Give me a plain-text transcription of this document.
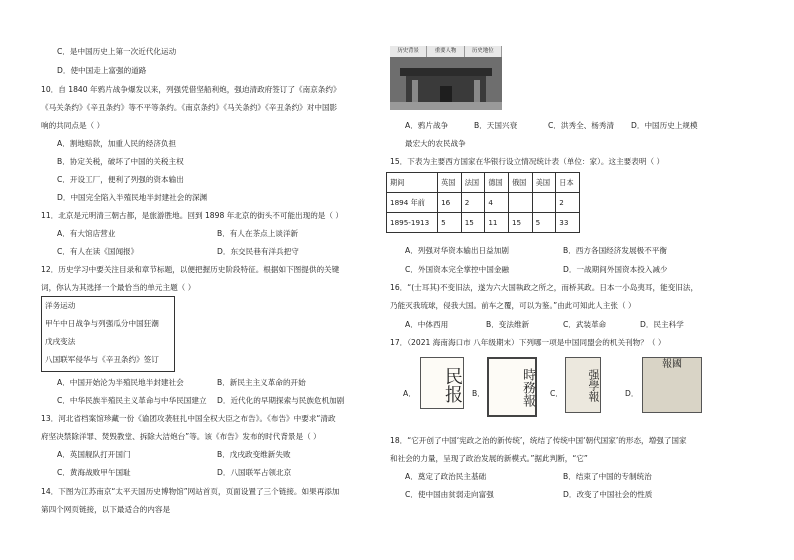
C．是中国历史上第一次近代化运动
D．使中国走上富强的道路
10．自 1840 年鸦片战争爆发以来，列强凭借坚船利炮，强迫清政府签订了《南京条约》
《马关条约》《辛丑条约》等不平等条约。《南京条约》《马关条约》《辛丑条约》对中国影
响的共同点是（ ）
A．割地赔款，加重人民的经济负担
B．协定关税，破坏了中国的关税主权
C．开设工厂，便利了列强的资本输出
D．中国完全陷入半殖民地半封建社会的深渊
11．北京是元明清三朝古都，是旅游胜地。回到 1898 年北京的街头不可能出现的是（ ）
A．有大馆店营业	B．有人在茶点上谈洋新
C．有人在读《国闻报》	D．东交民巷有洋兵把守
12．历史学习中要关注目录和章节标题，以便把握历史阶段特征。根据如下图提供的关键
词，你认为其选择一个最恰当的单元主题（ ）
洋务运动
甲午中日战争与列强瓜分中国狂潮
戊戌变法
八国联军侵华与《辛丑条约》签订
A．中国开始沦为半殖民地半封建社会	B．新民主主义革命的开始
C．中华民族半殖民主义革命与中华民国建立 D．近代化的早期探索与民族危机加剧
13．河北省档案馆珍藏一份《谕团攻袭驻扎中国全权大臣之布告》。《布告》中要求“清政
府坚决禁除洋罪、焚毁教堂、拆除大洁炮台”等。该《布告》发布的时代背景是（ ）
A．英国舰队打开国门	B．戊戌政变维新失败
C．黄海战败甲午国耻	D．八国联军占领北京
14．下图为江苏南京“太平天国历史博物馆”网站首页，页面设置了三个链接。如果再添加
第四个网页链接，以下最适合的内容是
历史背景	重要人物	历史地位
A．鸦片战争	B．天国兴衰	C．洪秀全、杨秀清 D．中国历史上规模
最宏大的农民战争
15．下表为主要西方国家在华银行设立情况统计表（单位：家）。这主要表明（ ）
期间	英国	法国	德国	俄国	美国	日本
1894 年前	16	2	4			2
1895-1913	5	15	11	15	5	33
A．列强对华资本输出日益加剧	B．西方各国经济发展极不平衡
C．外国资本完全掌控中国金融	D．一战期间外国资本投入减少
16．“(士耳其)不变旧法，遂为六大国執政之所之，而桥其政。日本一小岛夷耳，能变旧法，
乃能灭我琉球，侵我大国。前车之覆，可以为鉴。”由此可知此人主张（ ）
A．中体西用	B．变法维新	C．武装革命	D．民主科学
17．（2021 海南海口市 八年级期末）下列哪一项是中国同盟会的机关刊物？（ ）
A．	民报 B．	時務報 C．	强學報	D．
報國
18．“它开创了中国‘宪政之治的新传统’，统结了传统中国‘朝代国家’的形态，増强了国家
和社会的力量，呈现了政治发展的新模式。”据此判断，“它”
A．奠定了政治民主基础	B．结束了中国的专制统治
C．使中国由贫弱走向富强	D．改变了中国社会的性质
